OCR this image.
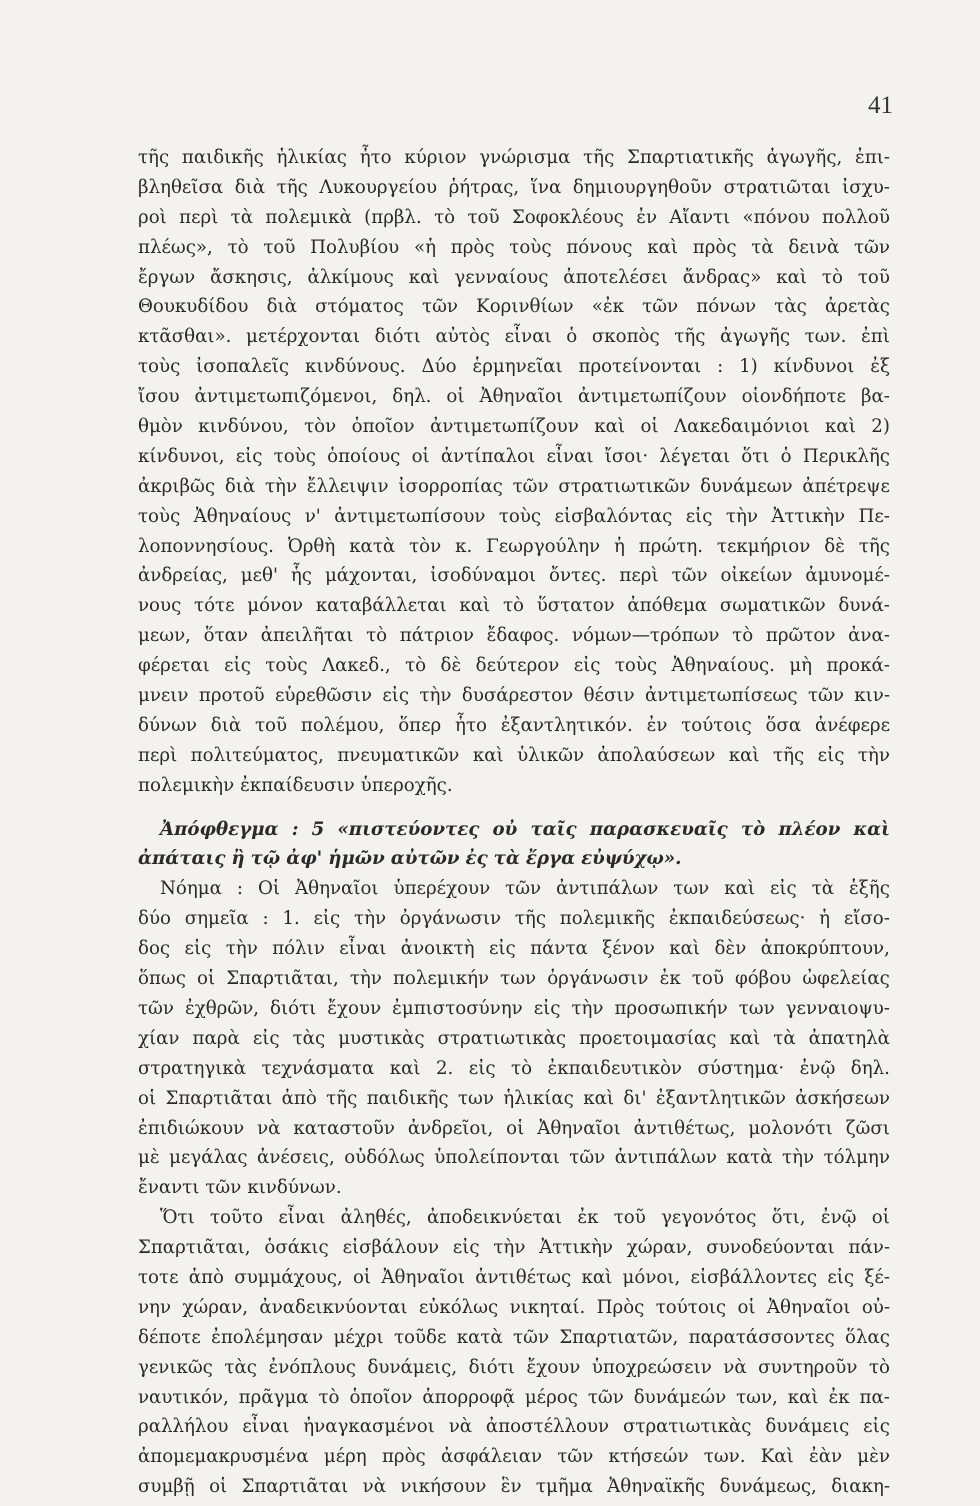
41
τῆς παιδικῆς ἡλικίας ἦτο κύριον γνώρισμα τῆς Σπαρτιατικῆς ἀγωγῆς, ἐπι-
βληθεῖσα διὰ τῆς Λυκουργείου ῥήτρας, ἵνα δημιουργηθοῦν στρατιῶται ἰσχυ-
ροὶ περὶ τὰ πολεμικὰ (πρβλ. τὸ τοῦ Σοφοκλέους ἐν Αἴαντι «πόνου πολλοῦ
πλέως», τὸ τοῦ Πολυβίου «ἡ πρὸς τοὺς πόνους καὶ πρὸς τὰ δεινὰ τῶν
ἔργων ἄσκησις, ἀλκίμους καὶ γενναίους ἀποτελέσει ἄνδρας» καὶ τὸ τοῦ
Θουκυδίδου διὰ στόματος τῶν Κορινθίων «ἐκ τῶν πόνων τὰς ἀρετὰς
κτᾶσθαι». μετέρχονται διότι αὐτὸς εἶναι ὁ σκοπὸς τῆς ἀγωγῆς των. ἐπὶ
τοὺς ἰσοπαλεῖς κινδύνους. Δύο ἑρμηνεῖαι προτείνονται : 1) κίνδυνοι ἐξ
ἴσου ἀντιμετωπιζόμενοι, δηλ. οἱ Ἀθηναῖοι ἀντιμετωπίζουν οἱονδήποτε βα-
θμὸν κινδύνου, τὸν ὁποῖον ἀντιμετωπίζουν καὶ οἱ Λακεδαιμόνιοι καὶ 2)
κίνδυνοι, εἰς τοὺς ὁποίους οἱ ἀντίπαλοι εἶναι ἴσοι· λέγεται ὅτι ὁ Περικλῆς
ἀκριβῶς διὰ τὴν ἔλλειψιν ἰσορροπίας τῶν στρατιωτικῶν δυνάμεων ἀπέτρεψε
τοὺς Ἀθηναίους ν' ἀντιμετωπίσουν τοὺς εἰσβαλόντας εἰς τὴν Ἀττικὴν Πε-
λοποννησίους. Ὀρθὴ κατὰ τὸν κ. Γεωργούλην ἡ πρώτη. τεκμήριον δὲ τῆς
ἀνδρείας, μεθ' ἧς μάχονται, ἰσοδύναμοι ὄντες. περὶ τῶν οἰκείων ἀμυνομέ-
νους τότε μόνον καταβάλλεται καὶ τὸ ὕστατον ἀπόθεμα σωματικῶν δυνά-
μεων, ὅταν ἀπειλῆται τὸ πάτριον ἔδαφος. νόμων—τρόπων τὸ πρῶτον ἀνα-
φέρεται εἰς τοὺς Λακεδ., τὸ δὲ δεύτερον εἰς τοὺς Ἀθηναίους. μὴ προκά-
μνειν προτοῦ εὑρεθῶσιν εἰς τὴν δυσάρεστον θέσιν ἀντιμετωπίσεως τῶν κιν-
δύνων διὰ τοῦ πολέμου, ὅπερ ἦτο ἐξαντλητικόν. ἐν τούτοις ὅσα ἀνέφερε
περὶ πολιτεύματος, πνευματικῶν καὶ ὑλικῶν ἀπολαύσεων καὶ τῆς εἰς τὴν
πολεμικὴν ἐκπαίδευσιν ὑπεροχῆς.
Ἀπόφθεγμα : 5 «πιστεύοντες οὐ ταῖς παρασκευαῖς τὸ πλέον καὶ
ἀπάταις ἢ τῷ ἀφ' ἡμῶν αὐτῶν ἐς τὰ ἔργα εὐψύχῳ».
Νόημα : Οἱ Ἀθηναῖοι ὑπερέχουν τῶν ἀντιπάλων των καὶ εἰς τὰ ἑξῆς
δύο σημεῖα : 1. εἰς τὴν ὀργάνωσιν τῆς πολεμικῆς ἐκπαιδεύσεως· ἡ εἴσο-
δος εἰς τὴν πόλιν εἶναι ἀνοικτὴ εἰς πάντα ξένον καὶ δὲν ἀποκρύπτουν,
ὅπως οἱ Σπαρτιᾶται, τὴν πολεμικήν των ὀργάνωσιν ἐκ τοῦ φόβου ὠφελείας
τῶν ἐχθρῶν, διότι ἔχουν ἐμπιστοσύνην εἰς τὴν προσωπικήν των γενναιοψυ-
χίαν παρὰ εἰς τὰς μυστικὰς στρατιωτικὰς προετοιμασίας καὶ τὰ ἀπατηλὰ
στρατηγικὰ τεχνάσματα καὶ 2. εἰς τὸ ἐκπαιδευτικὸν σύστημα· ἐνῷ δηλ.
οἱ Σπαρτιᾶται ἀπὸ τῆς παιδικῆς των ἡλικίας καὶ δι' ἐξαντλητικῶν ἀσκήσεων
ἐπιδιώκουν νὰ καταστοῦν ἀνδρεῖοι, οἱ Ἀθηναῖοι ἀντιθέτως, μολονότι ζῶσι
μὲ μεγάλας ἀνέσεις, οὐδόλως ὑπολείπονται τῶν ἀντιπάλων κατὰ τὴν τόλμην
ἔναντι τῶν κινδύνων.
Ὅτι τοῦτο εἶναι ἀληθές, ἀποδεικνύεται ἐκ τοῦ γεγονότος ὅτι, ἐνῷ οἱ
Σπαρτιᾶται, ὁσάκις εἰσβάλουν εἰς τὴν Ἀττικὴν χώραν, συνοδεύονται πάν-
τοτε ἀπὸ συμμάχους, οἱ Ἀθηναῖοι ἀντιθέτως καὶ μόνοι, εἰσβάλλοντες εἰς ξέ-
νην χώραν, ἀναδεικνύονται εὐκόλως νικηταί. Πρὸς τούτοις οἱ Ἀθηναῖοι οὐ-
δέποτε ἐπολέμησαν μέχρι τοῦδε κατὰ τῶν Σπαρτιατῶν, παρατάσσοντες ὅλας
γενικῶς τὰς ἐνόπλους δυνάμεις, διότι ἔχουν ὑποχρεώσειν νὰ συντηροῦν τὸ
ναυτικόν, πρᾶγμα τὸ ὁποῖον ἀπορροφᾷ μέρος τῶν δυνάμεών των, καὶ ἐκ πα-
ραλλήλου εἶναι ἠναγκασμένοι νὰ ἀποστέλλουν στρατιωτικὰς δυνάμεις εἰς
ἀπομεμακρυσμένα μέρη πρὸς ἀσφάλειαν τῶν κτήσεών των. Καὶ ἐὰν μὲν
συμβῇ οἱ Σπαρτιᾶται νὰ νικήσουν ἓν τμῆμα Ἀθηναϊκῆς δυνάμεως, διακη-
